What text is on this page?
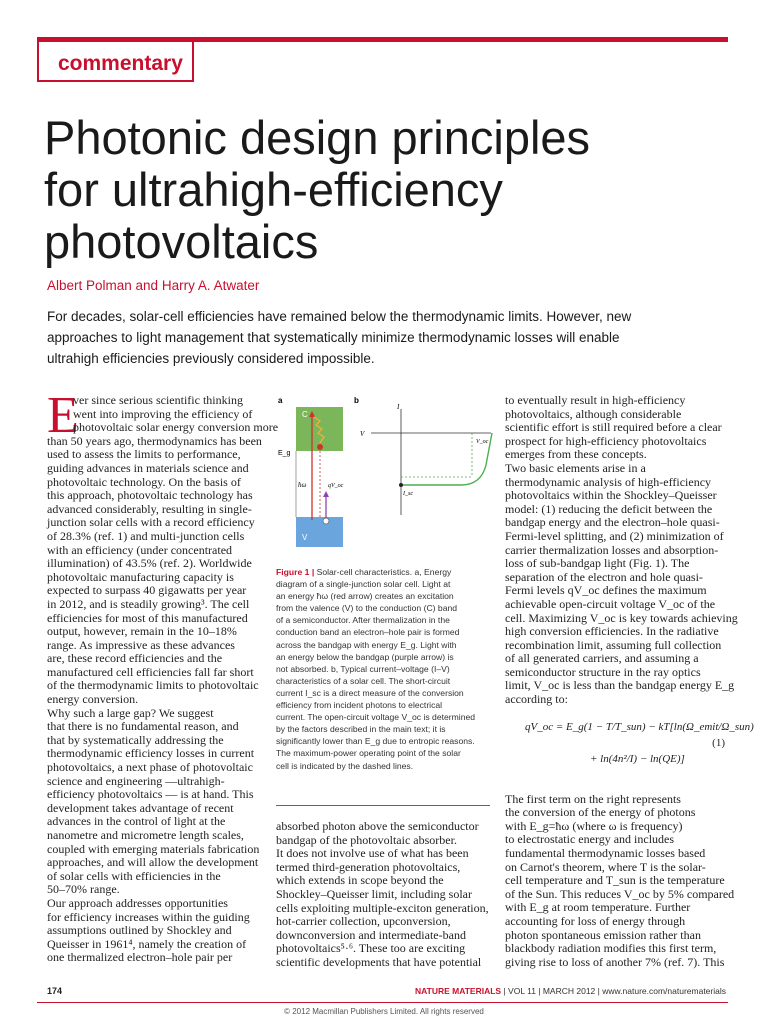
commentary
Photonic design principles
for ultrahigh-efficiency
photovoltaics
Albert Polman and Harry A. Atwater
For decades, solar-cell efficiencies have remained below the thermodynamic limits. However, new
approaches to light management that systematically minimize thermodynamic losses will enable
ultrahigh efficiencies previously considered impossible.
E
ver since serious scientific thinking
went into improving the efficiency of
photovoltaic solar energy conversion more
than 50 years ago, thermodynamics has been
used to assess the limits to performance,
guiding advances in materials science and
photovoltaic technology. On the basis of
this approach, photovoltaic technology has
advanced considerably, resulting in single-
junction solar cells with a record efficiency
of 28.3% (ref. 1) and multi-junction cells
with an efficiency (under concentrated
illumination) of 43.5% (ref. 2). Worldwide
photovoltaic manufacturing capacity is
expected to surpass 40 gigawatts per year
in 2012, and is steadily growing³. The cell
efficiencies for most of this manufactured
output, however, remain in the 10–18%
range. As impressive as these advances
are, these record efficiencies and the
manufactured cell efficiencies fall far short
of the thermodynamic limits to photovoltaic
energy conversion.
Why such a large gap? We suggest
that there is no fundamental reason, and
that by systematically addressing the
thermodynamic efficiency losses in current
photovoltaics, a next phase of photovoltaic
science and engineering —ultrahigh-
efficiency photovoltaics — is at hand. This
development takes advantage of recent
advances in the control of light at the
nanometre and micrometre length scales,
coupled with emerging materials fabrication
approaches, and will allow the development
of solar cells with efficiencies in the
50–70% range.
Our approach addresses opportunities
for efficiency increases within the guiding
assumptions outlined by Shockley and
Queisser in 1961⁴, namely the creation of
one thermalized electron–hole pair per
a	b
C
V
E_g
ħω	qV_oc
I
V
I_sc
V_oc
Figure 1 | Solar-cell characteristics. a, Energy
diagram of a single-junction solar cell. Light at
an energy ħω (red arrow) creates an excitation
from the valence (V) to the conduction (C) band
of a semiconductor. After thermalization in the
conduction band an electron–hole pair is formed
across the bandgap with energy E_g. Light with
an energy below the bandgap (purple arrow) is
not absorbed. b, Typical current–voltage (I–V)
characteristics of a solar cell. The short-circuit
current I_sc is a direct measure of the conversion
efficiency from incident photons to electrical
current. The open-circuit voltage V_oc is determined
by the factors described in the main text; it is
significantly lower than E_g due to entropic reasons.
The maximum-power operating point of the solar
cell is indicated by the dashed lines.
absorbed photon above the semiconductor
bandgap of the photovoltaic absorber.
It does not involve use of what has been
termed third-generation photovoltaics,
which extends in scope beyond the
Shockley–Queisser limit, including solar
cells exploiting multiple-exciton generation,
hot-carrier collection, upconversion,
downconversion and intermediate-band
photovoltaics⁵·⁶. These too are exciting
scientific developments that have potential
to eventually result in high-efficiency
photovoltaics, although considerable
scientific effort is still required before a clear
prospect for high-efficiency photovoltaics
emerges from these concepts.
Two basic elements arise in a
thermodynamic analysis of high-efficiency
photovoltaics within the Shockley–Queisser
model: (1) reducing the deficit between the
bandgap energy and the electron–hole quasi-
Fermi-level splitting, and (2) minimization of
carrier thermalization losses and absorption-
loss of sub-bandgap light (Fig. 1). The
separation of the electron and hole quasi-
Fermi levels qV_oc defines the maximum
achievable open-circuit voltage V_oc of the
cell. Maximizing V_oc is key towards achieving
high conversion efficiencies. In the radiative
recombination limit, assuming full collection
of all generated carriers, and assuming a
semiconductor structure in the ray optics
limit, V_oc is less than the bandgap energy E_g
according to:
The first term on the right represents
the conversion of the energy of photons
with E_g=ħω (where ω is frequency)
to electrostatic energy and includes
fundamental thermodynamic losses based
on Carnot's theorem, where T is the solar-
cell temperature and T_sun is the temperature
of the Sun. This reduces V_oc by 5% compared
with E_g at room temperature. Further
accounting for loss of energy through
photon spontaneous emission rather than
blackbody radiation modifies this first term,
giving rise to loss of another 7% (ref. 7). This
qV_oc = E_g(1 − T/T_sun) − kT[ln(Ω_emit/Ω_sun)
+ ln(4n²/I) − ln(QE)]
(1)
174	NATURE MATERIALS | VOL 11 | MARCH 2012 | www.nature.com/naturematerials
© 2012 Macmillan Publishers Limited. All rights reserved
